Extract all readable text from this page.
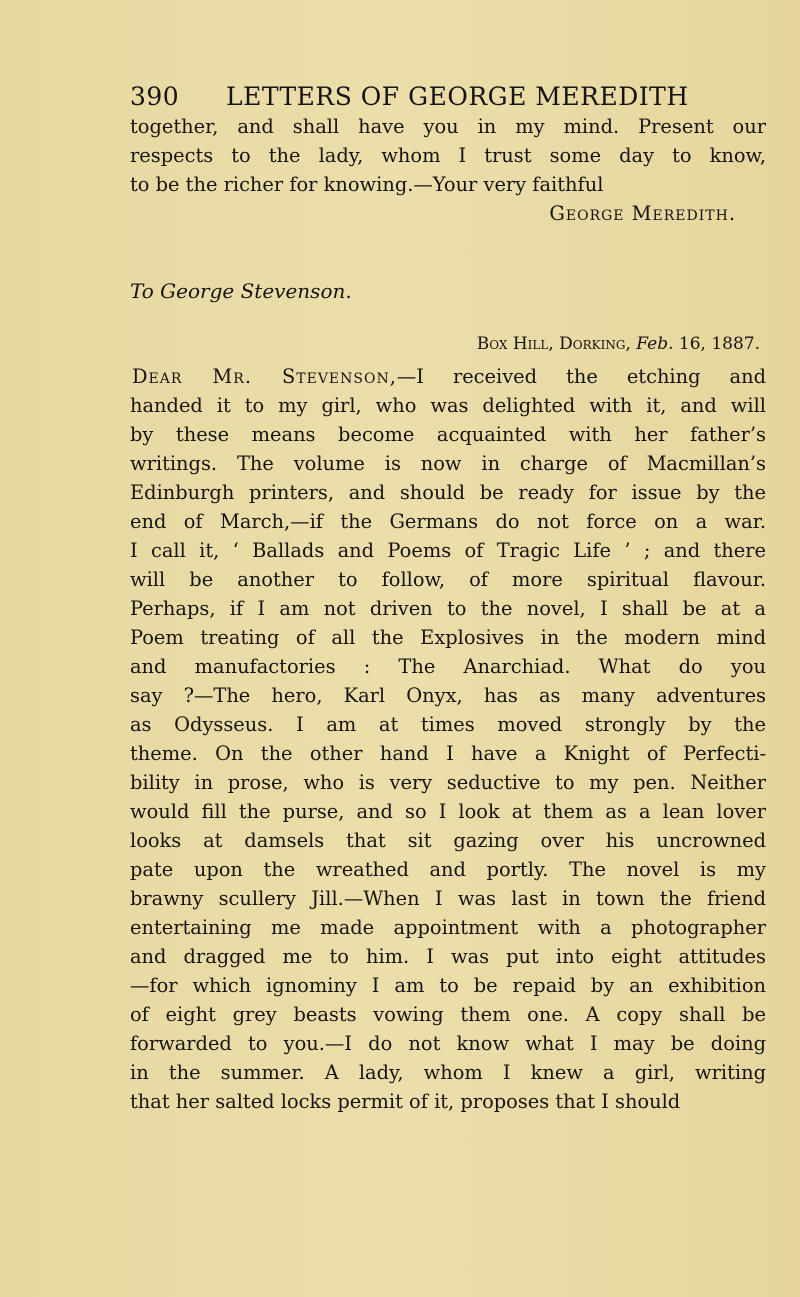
390 LETTERS OF GEORGE MEREDITH
together, and shall have you in my mind. Present our
respects to the lady, whom I trust some day to know,
to be the richer for knowing.—Your very faithful
George Meredith.
To George Stevenson.
Box Hill, Dorking, Feb. 16, 1887.
Dear Mr. Stevenson,—I received the etching and
handed it to my girl, who was delighted with it, and will
by these means become acquainted with her father’s
writings. The volume is now in charge of Macmillan’s
Edinburgh printers, and should be ready for issue by the
end of March,—if the Germans do not force on a war.
I call it, ‘ Ballads and Poems of Tragic Life ’ ; and there
will be another to follow, of more spiritual flavour.
Perhaps, if I am not driven to the novel, I shall be at a
Poem treating of all the Explosives in the modern mind
and manufactories : The Anarchiad. What do you
say ?—The hero, Karl Onyx, has as many adventures
as Odysseus. I am at times moved strongly by the
theme. On the other hand I have a Knight of Perfecti-
bility in prose, who is very seductive to my pen. Neither
would fill the purse, and so I look at them as a lean lover
looks at damsels that sit gazing over his uncrowned
pate upon the wreathed and portly. The novel is my
brawny scullery Jill.—When I was last in town the friend
entertaining me made appointment with a photographer
and dragged me to him. I was put into eight attitudes
—for which ignominy I am to be repaid by an exhibition
of eight grey beasts vowing them one. A copy shall be
forwarded to you.—I do not know what I may be doing
in the summer. A lady, whom I knew a girl, writing
that her salted locks permit of it, proposes that I should
